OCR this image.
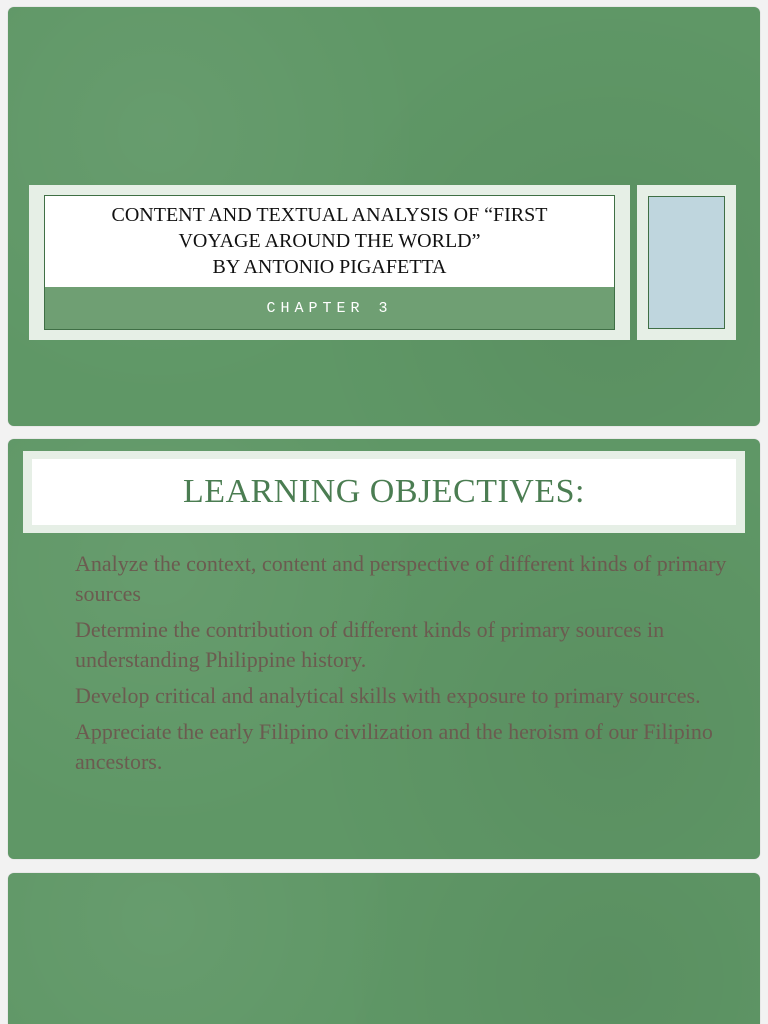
CONTENT AND TEXTUAL ANALYSIS OF “FIRST
VOYAGE AROUND THE WORLD”
BY ANTONIO PIGAFETTA
CHAPTER 3
LEARNING OBJECTIVES:
Analyze the context, content and perspective of different kinds of primary sources
Determine the contribution of different kinds of primary sources in understanding Philippine history.
Develop critical and analytical skills with exposure to primary sources.
Appreciate the early Filipino civilization and the heroism of our Filipino ancestors.
